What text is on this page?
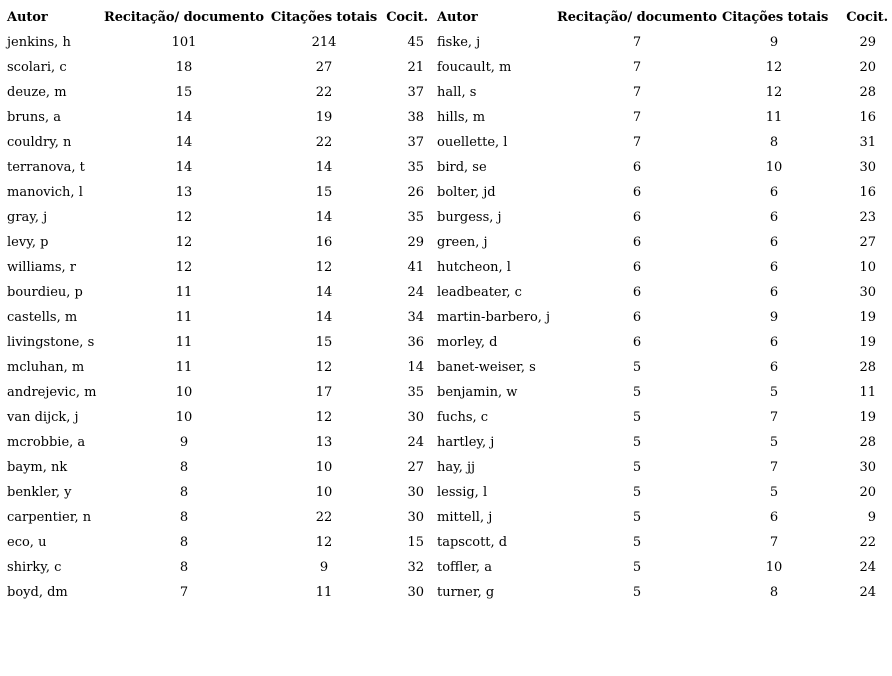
Autor	Recitação/ documento	Citações totais	Cocit.	Autor	Recitação/ documento	Citações totais	Cocit.
jenkins, h	101	214	45	fiske, j	7	9	29
scolari, c	18	27	21	foucault, m	7	12	20
deuze, m	15	22	37	hall, s	7	12	28
bruns, a	14	19	38	hills, m	7	11	16
couldry, n	14	22	37	ouellette, l	7	8	31
terranova, t	14	14	35	bird, se	6	10	30
manovich, l	13	15	26	bolter, jd	6	6	16
gray, j	12	14	35	burgess, j	6	6	23
levy, p	12	16	29	green, j	6	6	27
williams, r	12	12	41	hutcheon, l	6	6	10
bourdieu, p	11	14	24	leadbeater, c	6	6	30
castells, m	11	14	34	martin-barbero, j	6	9	19
livingstone, s	11	15	36	morley, d	6	6	19
mcluhan, m	11	12	14	banet-weiser, s	5	6	28
andrejevic, m	10	17	35	benjamin, w	5	5	11
van dijck, j	10	12	30	fuchs, c	5	7	19
mcrobbie, a	9	13	24	hartley, j	5	5	28
baym, nk	8	10	27	hay, jj	5	7	30
benkler, y	8	10	30	lessig, l	5	5	20
carpentier, n	8	22	30	mittell, j	5	6	9
eco, u	8	12	15	tapscott, d	5	7	22
shirky, c	8	9	32	toffler, a	5	10	24
boyd, dm	7	11	30	turner, g	5	8	24
